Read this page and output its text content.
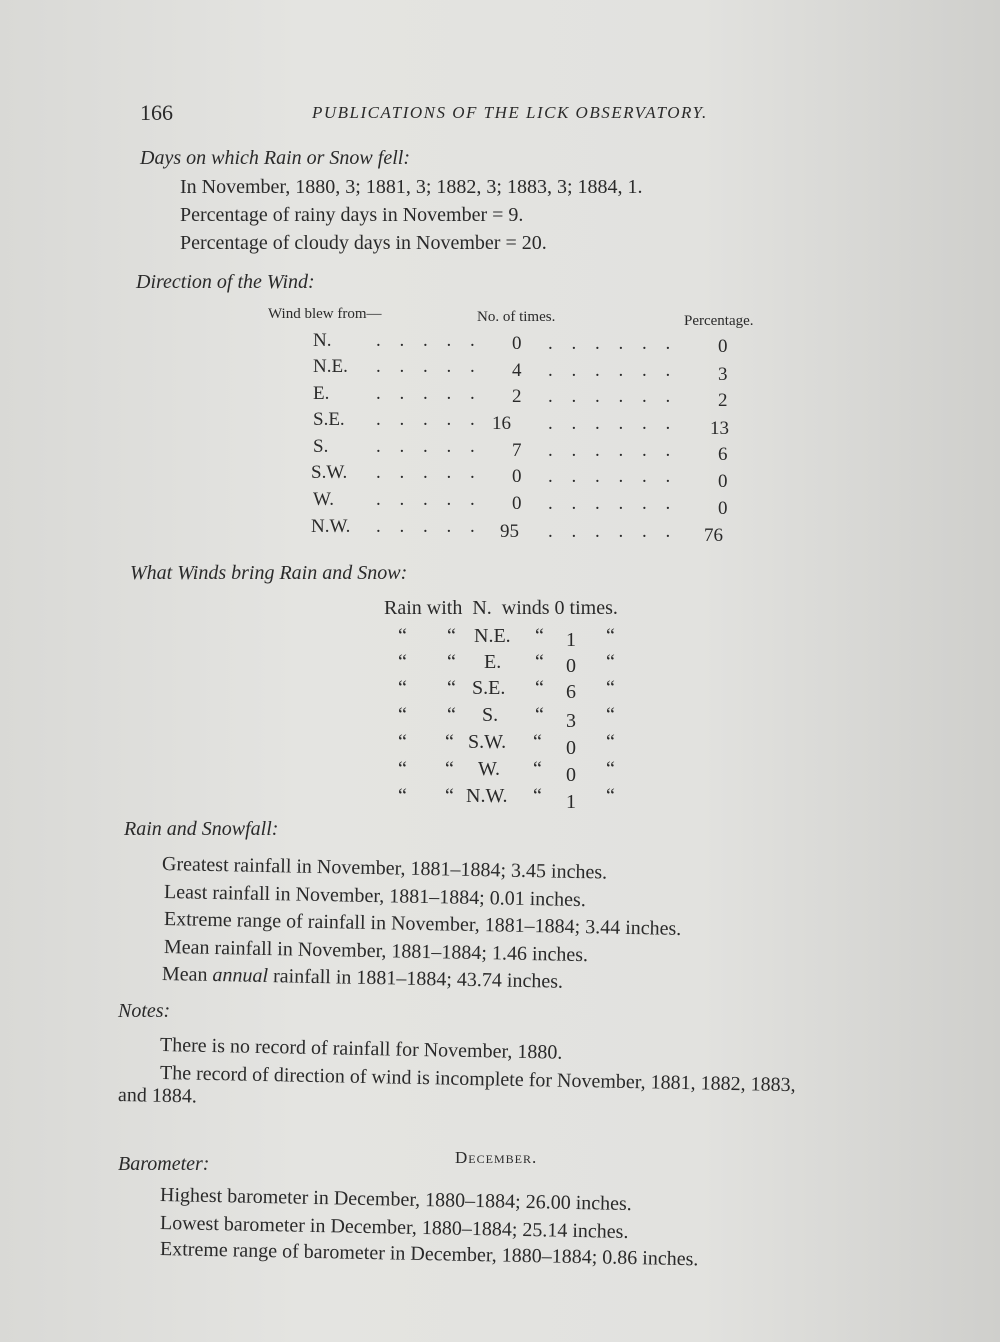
166	PUBLICATIONS OF THE LICK OBSERVATORY.
Days on which Rain or Snow fell:
In November, 1880, 3; 1881, 3; 1882, 3; 1883, 3; 1884, 1.
Percentage of rainy days in November = 9.
Percentage of cloudy days in November = 20.
Direction of the Wind:
Wind blew from—	No. of times.	Percentage.
N. . . . . . 0 . . . . . . 0
N.E. . . . . . 4 . . . . . . 3
E. . . . . . 2 . . . . . . 2
S.E. . . . . . 16 . . . . . . 13
S.	. . . . . 7 . . . . . . 6
S.W. . . . . . 0 . . . . . . 0
W. . . . . . 0 . . . . . . 0
N.W. . . . . . 95 . . . . . . 76
What Winds bring Rain and Snow:
Rain with  N.  winds 0 times.
“ “ N.E. “ 1 “
“ “ E. “ 0 “
“ “ S.E. “ 6 “
“ “ S. “ 3 “
“ “ S.W. “ 0 “
“ “ W. “ 0 “
“ “ N.W. “ 1 “
Rain and Snowfall:
Greatest rainfall in November, 1881–1884; 3.45 inches.
Least rainfall in November, 1881–1884; 0.01 inches.
Extreme range of rainfall in November, 1881–1884; 3.44 inches.
Mean rainfall in November, 1881–1884; 1.46 inches.
Mean annual rainfall in 1881–1884; 43.74 inches.
Notes:
There is no record of rainfall for November, 1880.
The record of direction of wind is incomplete for November, 1881, 1882, 1883,
and 1884.
December.
Barometer:
Highest barometer in December, 1880–1884; 26.00 inches.
Lowest barometer in December, 1880–1884; 25.14 inches.
Extreme range of barometer in December, 1880–1884; 0.86 inches.
